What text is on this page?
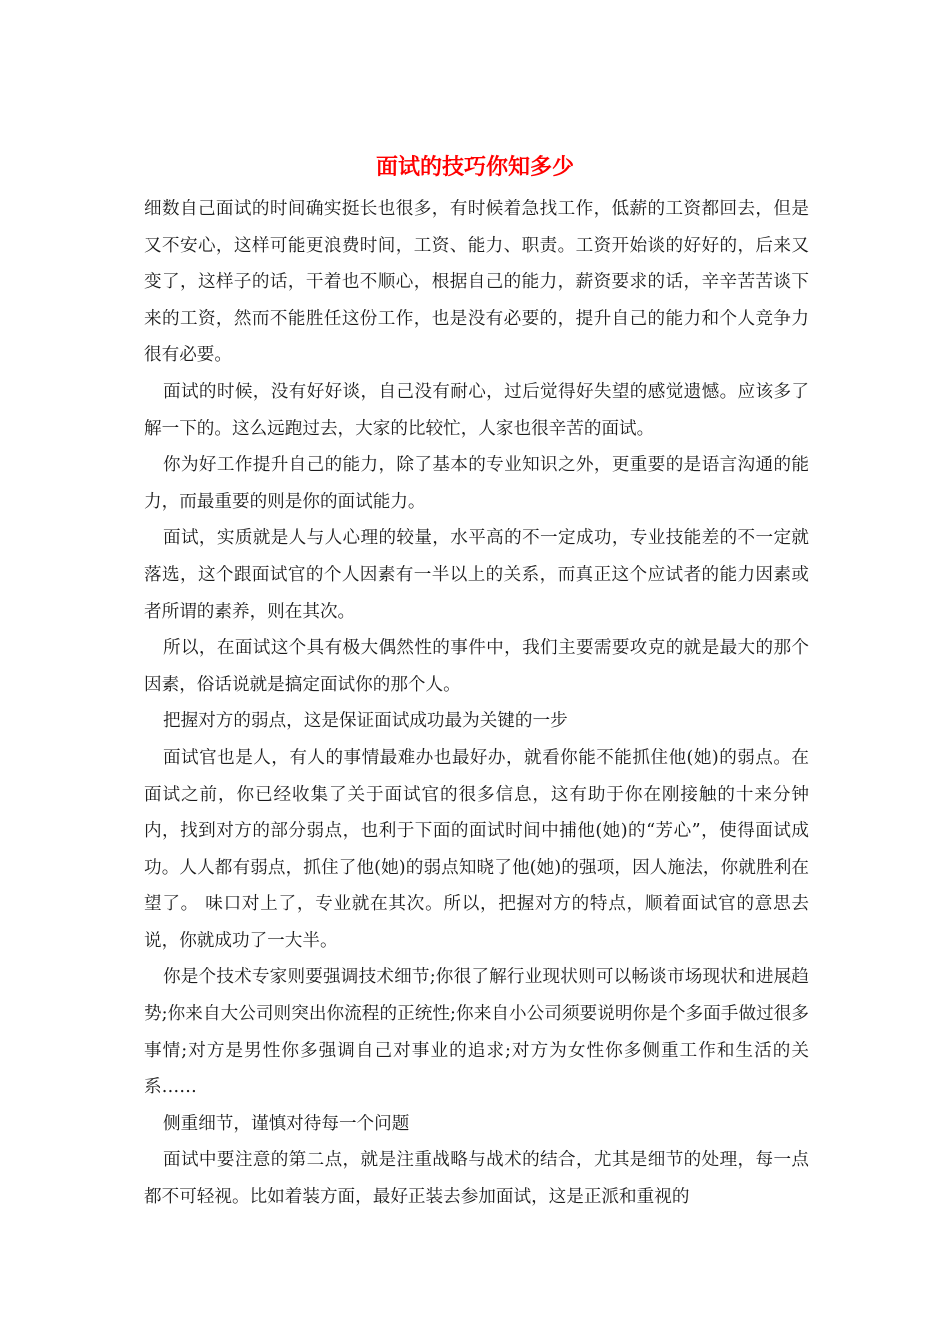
面试的技巧你知多少

细数自己面试的时间确实挺长也很多，有时候着急找工作，低薪的工资都回去，但是又不安心，这样可能更浪费时间，工资、能力、职责。工资开始谈的好好的，后来又变了，这样子的话，干着也不顺心，根据自己的能力，薪资要求的话，辛辛苦苦谈下来的工资，然而不能胜任这份工作，也是没有必要的，提升自己的能力和个人竞争力很有必要。

面试的时候，没有好好谈，自己没有耐心，过后觉得好失望的感觉遗憾。应该多了解一下的。这么远跑过去，大家的比较忙，人家也很辛苦的面试。

你为好工作提升自己的能力，除了基本的专业知识之外，更重要的是语言沟通的能力，而最重要的则是你的面试能力。

面试，实质就是人与人心理的较量，水平高的不一定成功，专业技能差的不一定就落选，这个跟面试官的个人因素有一半以上的关系，而真正这个应试者的能力因素或者所谓的素养，则在其次。

所以，在面试这个具有极大偶然性的事件中，我们主要需要攻克的就是最大的那个因素，俗话说就是搞定面试你的那个人。

把握对方的弱点，这是保证面试成功最为关键的一步

面试官也是人，有人的事情最难办也最好办，就看你能不能抓住他(她)的弱点。在面试之前，你已经收集了关于面试官的很多信息，这有助于你在刚接触的十来分钟内，找到对方的部分弱点，也利于下面的面试时间中捕他(她)的“芳心”，使得面试成功。人人都有弱点，抓住了他(她)的弱点知晓了他(她)的强项，因人施法，你就胜利在望了。 味口对上了，专业就在其次。所以，把握对方的特点，顺着面试官的意思去说，你就成功了一大半。

你是个技术专家则要强调技术细节;你很了解行业现状则可以畅谈市场现状和进展趋势;你来自大公司则突出你流程的正统性;你来自小公司须要说明你是个多面手做过很多事情;对方是男性你多强调自己对事业的追求;对方为女性你多侧重工作和生活的关系……

侧重细节，谨慎对待每一个问题

面试中要注意的第二点，就是注重战略与战术的结合，尤其是细节的处理，每一点都不可轻视。比如着装方面，最好正装去参加面试，这是正派和重视的
